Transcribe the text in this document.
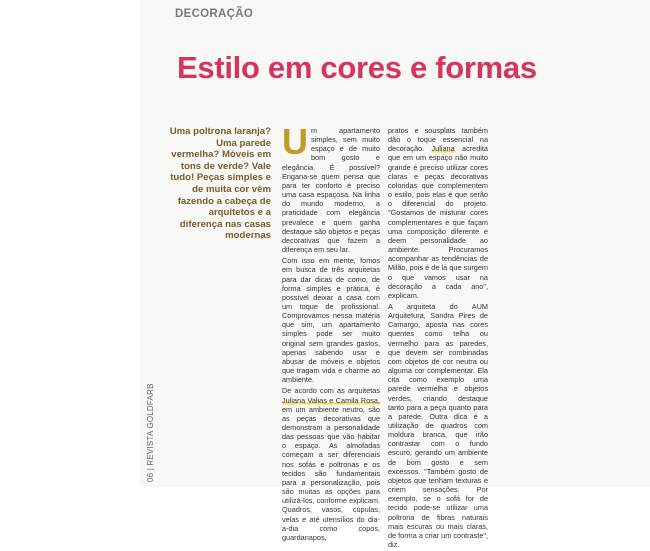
DECORAÇÃO
Estilo em cores e formas
06 | REVISTA GOLDFARB
Uma poltrona laranja? Uma parede vermelha? Móveis em tons de verde? Vale tudo! Peças simples e de muita cor vêm fazendo a cabeça de arquitetos e a diferença nas casas modernas
U m apartamento simples, sem muito espaço e de muito bom gosto e elegância. É possível? Engana-se quem pensa que para ter conforto é preciso uma casa espaçosa. Na linha do mundo moderno, a praticidade com elegância prevalece e quem ganha destaque são objetos e peças decorativas que fazem a diferença em seu lar.

Com isso em mente, fomos em busca de três arquitetas para dar dicas de como, de forma simples e prática, é possível deixar a casa com um toque de profissional. Comprovamos nessa matéria que sim, um apartamento simples pode ser muito original sem grandes gastos, apenas sabendo usar e abusar de móveis e objetos que tragam vida e charme ao ambiente.

De acordo com as arquitetas Juliana Valias e Camila Rosa, em um ambiente neutro, são as peças decorativas que demonstram a personalidade das pessoas que vão habitar o espaço. As almofadas começam a ser diferenciais nos sofás e poltronas e os tecidos são fundamentais para a personalização, pois são muitas as opções para utilizá-los, conforme explicam. Quadros, vasos, cúpulas, velas e até utensílios do dia-a-dia como copos, guardanapos,

pratos e sousplats também dão o toque essencial na decoração. Juliana acredita que em um espaço não muito grande é preciso utilizar cores claras e peças decorativas coloridas que complementem o estilo, pois elas é que serão o diferencial do projeto. "Gostamos de misturar cores complementares e que façam uma composição diferente e deem personalidade ao ambiente. Procuramos acompanhar as tendências de Milão, pois é de lá que surgem o que vamos usar na decoração a cada ano", explicam.

A arquiteta do AUM Arquitetura, Sandra Pires de Camargo, aposta nas cores quentes como telha ou vermelho para as paredes, que devem ser combinadas com objetos de cor neutra ou alguma cor complementar. Ela cita como exemplo uma parede vermelha e objetos verdes, criando destaque tanto para a peça quanto para a parede. Outra dica é a utilização de quadros com moldura branca, que irão contrastar com o fundo escuro, gerando um ambiente de bom gosto e sem excessos. "Também gosto de objetos que tenham texturas e criem sensações. Por exemplo, se o sofá for de tecido pode-se utilizar uma poltrona de fibras naturais mais escuras ou mais claras, de forma a criar um contraste", diz.
